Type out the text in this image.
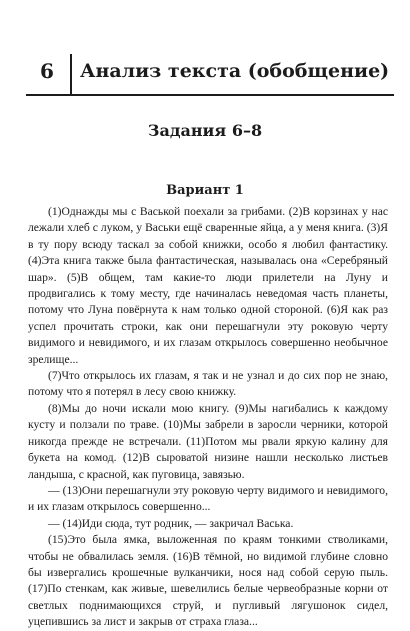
6 Анализ текста (обобщение)
Задания 6–8
Вариант 1

(1)Однажды мы с Васькой поехали за грибами. (2)В корзинах у нас лежали хлеб с луком, у Васьки ещё сваренные яйца, а у меня книга. (3)Я в ту пору всюду таскал за собой книжки, особо я любил фантастику. (4)Эта книга также была фантастическая, называлась она «Серебряный шар». (5)В общем, там какие-то люди прилетели на Луну и продвигались к тому месту, где начиналась неведомая часть планеты, потому что Луна повёрнута к нам только одной стороной. (6)Я как раз успел прочитать строки, как они перешагнули эту роковую черту видимого и невидимого, и их глазам открылось совершенно необычное зрелище...

(7)Что открылось их глазам, я так и не узнал и до сих пор не знаю, потому что я потерял в лесу свою книжку.

(8)Мы до ночи искали мою книгу. (9)Мы нагибались к каждому кусту и ползали по траве. (10)Мы забрели в заросли черники, которой никогда прежде не встречали. (11)Потом мы рвали яркую калину для букета на комод. (12)В сыроватой низине нашли несколько листьев ландыша, с красной, как пуговица, завязью.

— (13)Они перешагнули эту роковую черту видимого и невидимого, и их глазам открылось совершенно...

— (14)Иди сюда, тут родник, — закричал Васька.

(15)Это была ямка, выложенная по краям тонкими стволиками, чтобы не обвалилась земля. (16)В тёмной, но видимой глубине словно бы извергались крошечные вулканчики, нося над собой серую пыль. (17)По стенкам, как живые, шевелились белые червеобразные корни от светлых поднимающихся струй, и пугливый лягушонок сидел, уцепившись за лист и закрыв от страха глаза...
